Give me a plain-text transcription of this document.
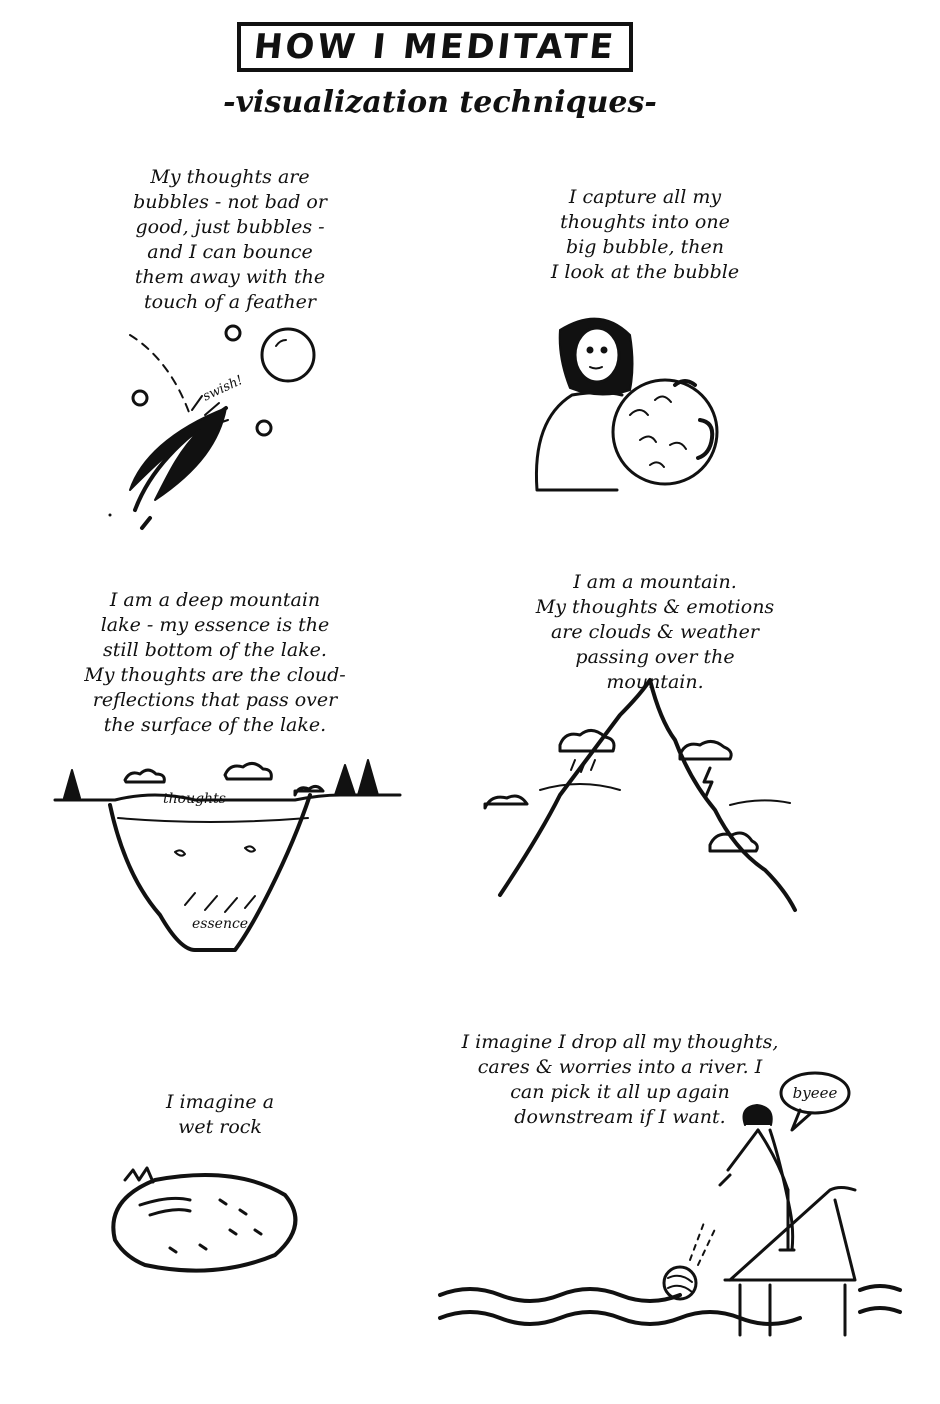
HOW I MEDITATE
-visualization techniques-
My thoughts are
bubbles - not bad or
good, just bubbles -
and I can bounce
them away with the
touch of a feather
I capture all my
thoughts into one
big bubble, then
I look at the bubble
I am a deep mountain
lake - my essence is the
still bottom of the lake.
My thoughts are the cloud-
reflections that pass over
the surface of the lake.
I am a mountain.
My thoughts & emotions
are clouds & weather
passing over the
mountain.
I imagine a
wet rock
I imagine I drop all my thoughts,
cares & worries into a river. I
can pick it all up again
downstream if I want.
swish!
thoughts
essence
byeee
